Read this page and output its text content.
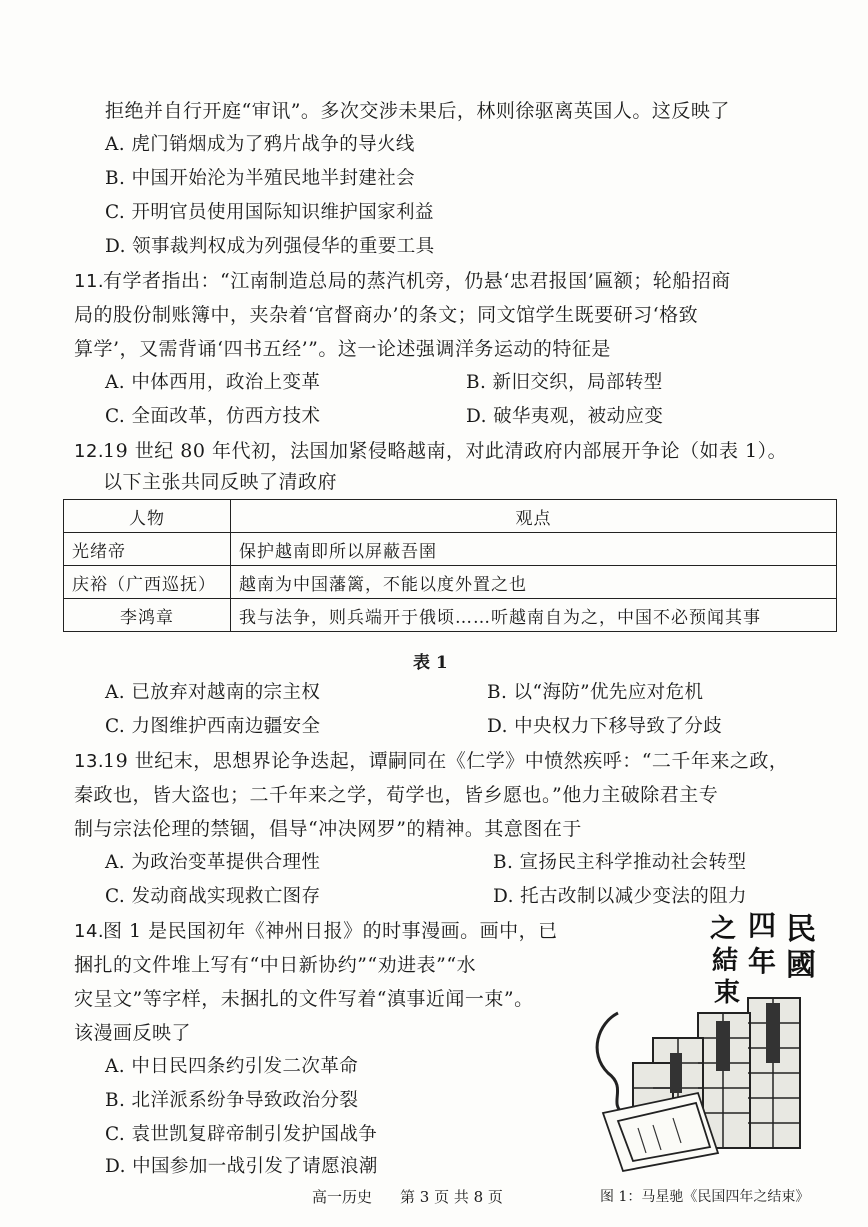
拒绝并自行开庭“审讯”。多次交涉未果后，林则徐驱离英国人。这反映了
A. 虎门销烟成为了鸦片战争的导火线
B. 中国开始沦为半殖民地半封建社会
C. 开明官员使用国际知识维护国家利益
D. 领事裁判权成为列强侵华的重要工具
11.
有学者指出：“江南制造总局的蒸汽机旁，仍悬‘忠君报国’匾额；轮船招商
局的股份制账簿中，夹杂着‘官督商办’的条文；同文馆学生既要研习‘格致
算学’，又需背诵‘四书五经’”。这一论述强调洋务运动的特征是
A. 中体西用，政治上变革	B. 新旧交织，局部转型
C. 全面改革，仿西方技术	D. 破华夷观，被动应变
12.
19 世纪 80 年代初，法国加紧侵略越南，对此清政府内部展开争论（如表 1）。
以下主张共同反映了清政府
人物	观点
光绪帝	保护越南即所以屏蔽吾圉
庆裕（广西巡抚）	越南为中国藩篱，不能以度外置之也
李鸿章	我与法争，则兵端开于俄顷……听越南自为之，中国不必预闻其事
表 1
A. 已放弃对越南的宗主权	B. 以“海防”优先应对危机
C. 力图维护西南边疆安全	D. 中央权力下移导致了分歧
13.
19 世纪末，思想界论争迭起，谭嗣同在《仁学》中愤然疾呼：“二千年来之政，
秦政也，皆大盗也；二千年来之学，荀学也，皆乡愿也。”他力主破除君主专
制与宗法伦理的禁锢，倡导“冲决网罗”的精神。其意图在于
A. 为政治变革提供合理性	B. 宣扬民主科学推动社会转型
C. 发动商战实现救亡图存	D. 托古改制以减少变法的阻力
14.
图 1 是民国初年《神州日报》的时事漫画。画中，已
捆扎的文件堆上写有“中日新协约”“劝进表”“水
灾呈文”等字样，未捆扎的文件写着“滇事近闻一束”。
该漫画反映了
A. 中日民四条约引发二次革命
B. 北洋派系纷争导致政治分裂
C. 袁世凯复辟帝制引发护国战争
D. 中国参加一战引发了请愿浪潮
民
國
四
年
之
結
束
高一历史 第 3 页 共 8 页	图 1：马星驰《民国四年之结束》
